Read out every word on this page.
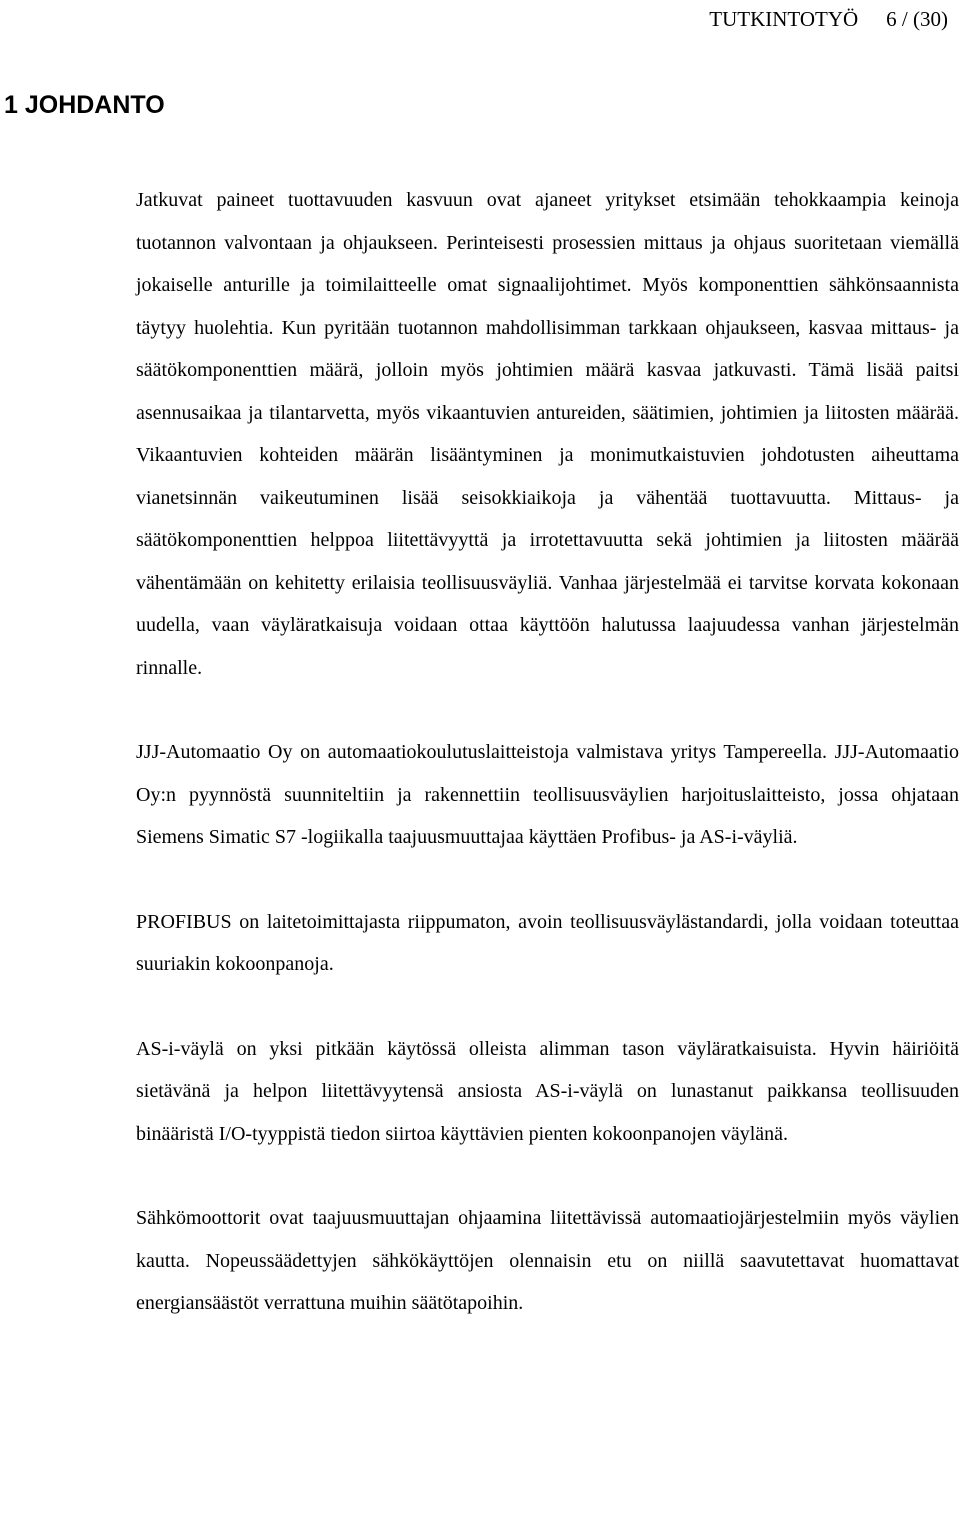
TUTKINTOTYÖ 6 / (30)
1 JOHDANTO

Jatkuvat paineet tuottavuuden kasvuun ovat ajaneet yritykset etsimään tehokkaampia keinoja tuotannon valvontaan ja ohjaukseen. Perinteisesti prosessien mittaus ja ohjaus suoritetaan viemällä jokaiselle anturille ja toimilaitteelle omat signaalijohtimet. Myös komponenttien sähkönsaannista täytyy huolehtia. Kun pyritään tuotannon mahdollisimman tarkkaan ohjaukseen, kasvaa mittaus- ja säätökomponenttien määrä, jolloin myös johtimien määrä kasvaa jatkuvasti. Tämä lisää paitsi asennusaikaa ja tilantarvetta, myös vikaantuvien antureiden, säätimien, johtimien ja liitosten määrää. Vikaantuvien kohteiden määrän lisääntyminen ja monimutkaistuvien johdotusten aiheuttama vianetsinnän vaikeutuminen lisää seisokkiaikoja ja vähentää tuottavuutta. Mittaus- ja säätökomponenttien helppoa liitettävyyttä ja irrotettavuutta sekä johtimien ja liitosten määrää vähentämään on kehitetty erilaisia teollisuusväyliä. Vanhaa järjestelmää ei tarvitse korvata kokonaan uudella, vaan väyläratkaisuja voidaan ottaa käyttöön halutussa laajuudessa vanhan järjestelmän rinnalle.

JJJ-Automaatio Oy on automaatiokoulutuslaitteistoja valmistava yritys Tampereella. JJJ-Automaatio Oy:n pyynnöstä suunniteltiin ja rakennettiin teollisuusväylien harjoituslaitteisto, jossa ohjataan Siemens Simatic S7 -logiikalla taajuusmuuttajaa käyttäen Profibus- ja AS-i-väyliä.

PROFIBUS on laitetoimittajasta riippumaton, avoin teollisuusväylästandardi, jolla voidaan toteuttaa suuriakin kokoonpanoja.

AS-i-väylä on yksi pitkään käytössä olleista alimman tason väyläratkaisuista. Hyvin häiriöitä sietävänä ja helpon liitettävyytensä ansiosta AS-i-väylä on lunastanut paikkansa teollisuuden binääristä I/O-tyyppistä tiedon siirtoa käyttävien pienten kokoonpanojen väylänä.

Sähkömoottorit ovat taajuusmuuttajan ohjaamina liitettävissä automaatiojärjestelmiin myös väylien kautta. Nopeussäädettyjen sähkökäyttöjen olennaisin etu on niillä saavutettavat huomattavat energiansäästöt verrattuna muihin säätötapoihin.
